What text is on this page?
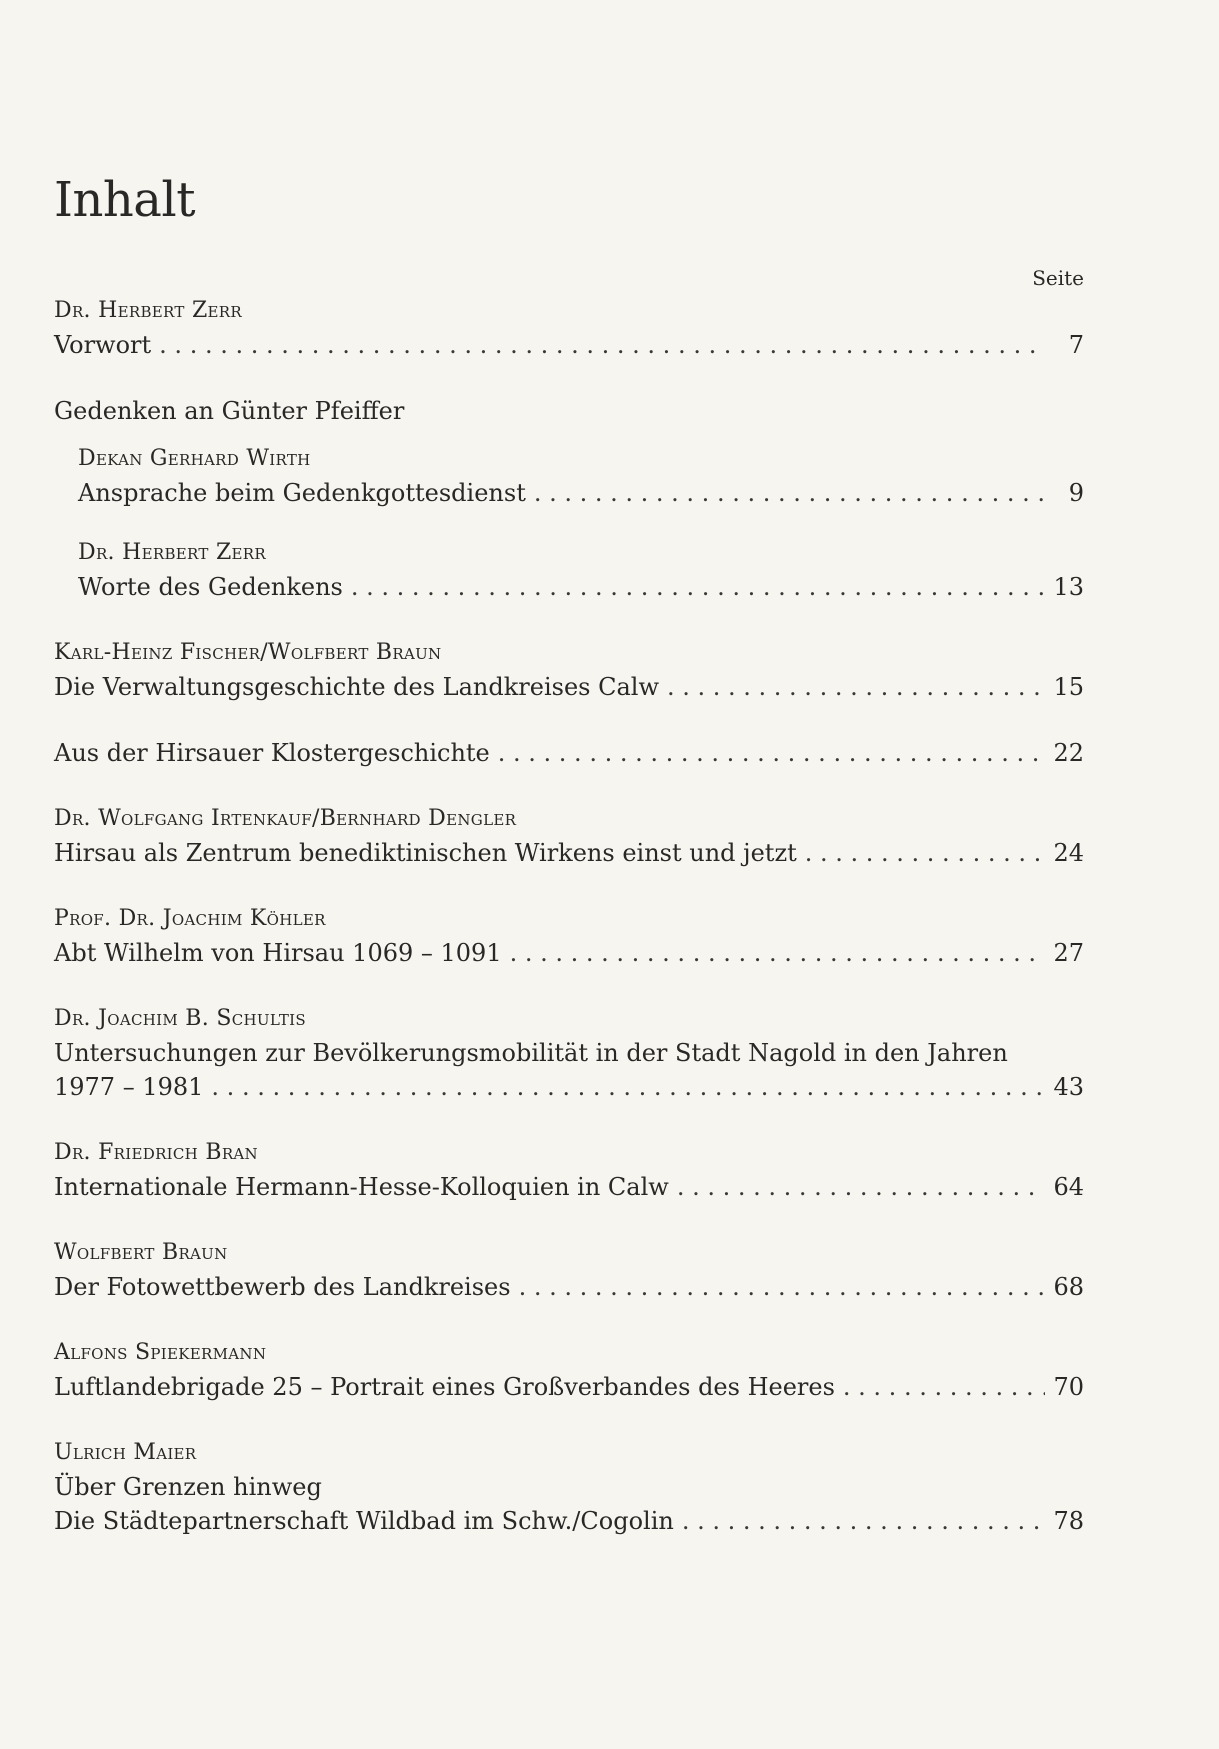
Inhalt
Seite
Dr. Herbert Zerr
Vorwort . . .	7
Gedenken an Günter Pfeiffer
Dekan Gerhard Wirth
Ansprache beim Gedenkgottesdienst . . .	9
Dr. Herbert Zerr
Worte des Gedenkens . . .	13
Karl-Heinz Fischer/Wolfbert Braun
Die Verwaltungsgeschichte des Landkreises Calw . . .	15
Aus der Hirsauer Klostergeschichte . . .	22
Dr. Wolfgang Irtenkauf/Bernhard Dengler
Hirsau als Zentrum benediktinischen Wirkens einst und jetzt . . .	24
Prof. Dr. Joachim Köhler
Abt Wilhelm von Hirsau 1069 – 1091 . . .	27
Dr. Joachim B. Schultis
Untersuchungen zur Bevölkerungsmobilität in der Stadt Nagold in den Jahren
1977 – 1981 . . .	43
Dr. Friedrich Bran
Internationale Hermann-Hesse-Kolloquien in Calw . . .	64
Wolfbert Braun
Der Fotowettbewerb des Landkreises . . .	68
Alfons Spiekermann
Luftlandebrigade 25 – Portrait eines Großverbandes des Heeres . . .	70
Ulrich Maier
Über Grenzen hinweg
Die Städtepartnerschaft Wildbad im Schw./Cogolin . . .	78
